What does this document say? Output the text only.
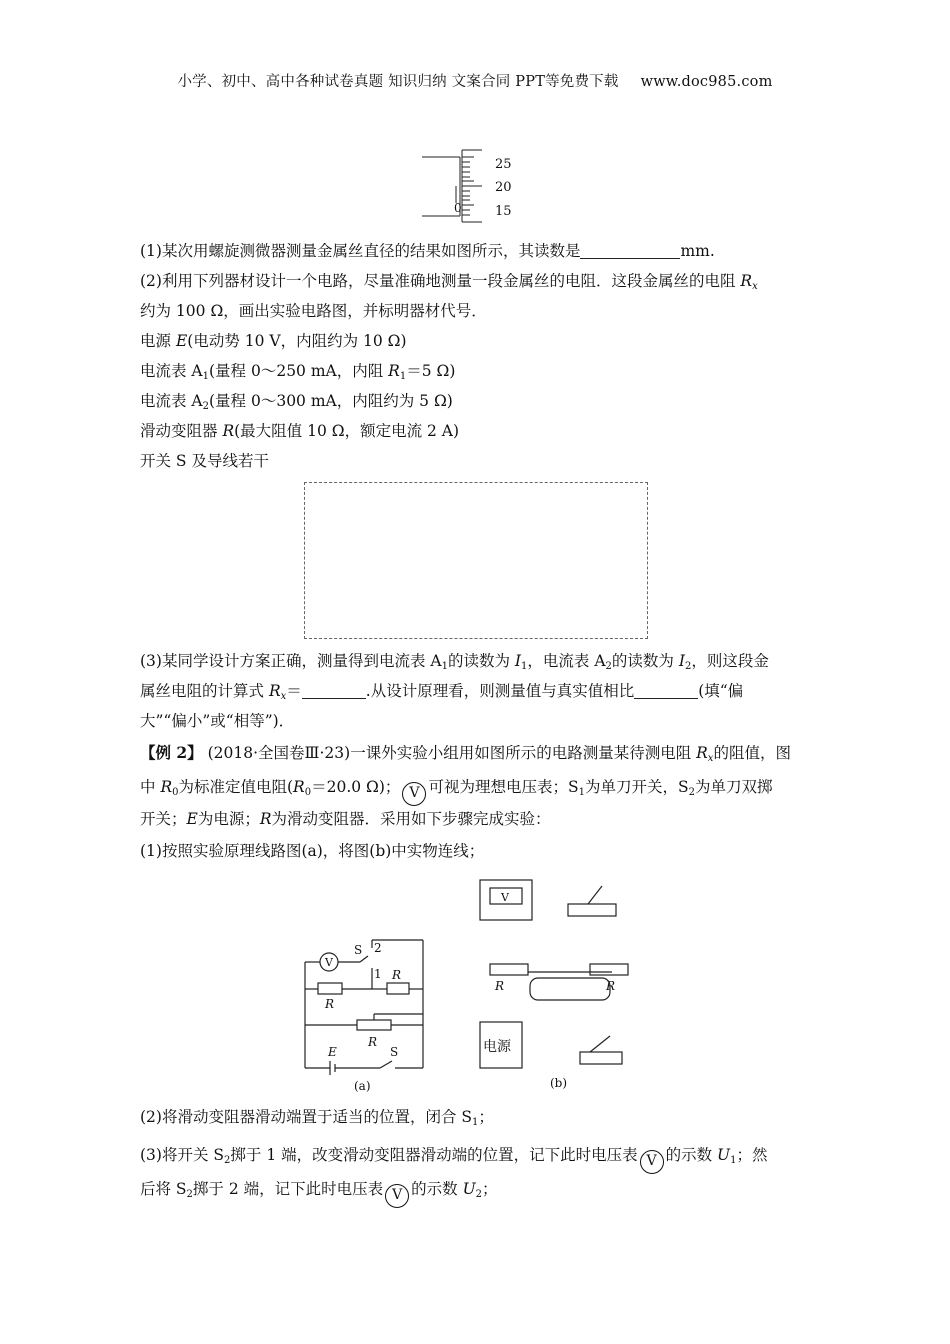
小学、初中、高中各种试卷真题 知识归纳 文案合同 PPT等免费下载 www.doc985.com
25
20
15
0
(1)某次用螺旋测微器测量金属丝直径的结果如图所示，其读数是	mm.
(2)利用下列器材设计一个电路，尽量准确地测量一段金属丝的电阻．这段金属丝的电阻 $R_x$
约为 100 Ω，画出实验电路图，并标明器材代号．
电源 E(电动势 10 V，内阻约为 10 Ω)
电流表 $A_1$(量程 0～250 mA，内阻 $R_1=5$ Ω)
电流表 $A_2$(量程 0～300 mA，内阻约为 5 Ω)
滑动变阻器 R(最大阻值 10 Ω，额定电流 2 A)
开关 S 及导线若干
(3)某同学设计方案正确，测量得到电流表 $A_1$的读数为 $I_1$，电流表 $A_2$的读数为 $I_2$，则这段金
属丝电阻的计算式 $R_x=$	.从设计原理看，则测量值与真实值相比	(填“偏
大”“偏小”或“相等”)．
【例 2】 (2018·全国卷Ⅲ·23)一课外实验小组用如图所示的电路测量某待测电阻 $R_x$的阻值，图
中 $R_0$为标准定值电阻($R_0=20.0$ Ω)； V 可视为理想电压表；$S_1$为单刀开关，$S_2$为单刀双掷
开关；E为电源；R为滑动变阻器．采用如下步骤完成实验：
(1)按照实验原理线路图(a)，将图(b)中实物连线；
S 2
1 R
R
R
E	S
V
V
R	R
电源
(a)	(b)
(2)将滑动变阻器滑动端置于适当的位置，闭合 $S_1$；
(3)将开关 $S_2$掷于 1 端，改变滑动变阻器滑动端的位置，记下此时电压表 V 的示数 $U_1$；然
后将 $S_2$掷于 2 端，记下此时电压表 V 的示数 $U_2$；
